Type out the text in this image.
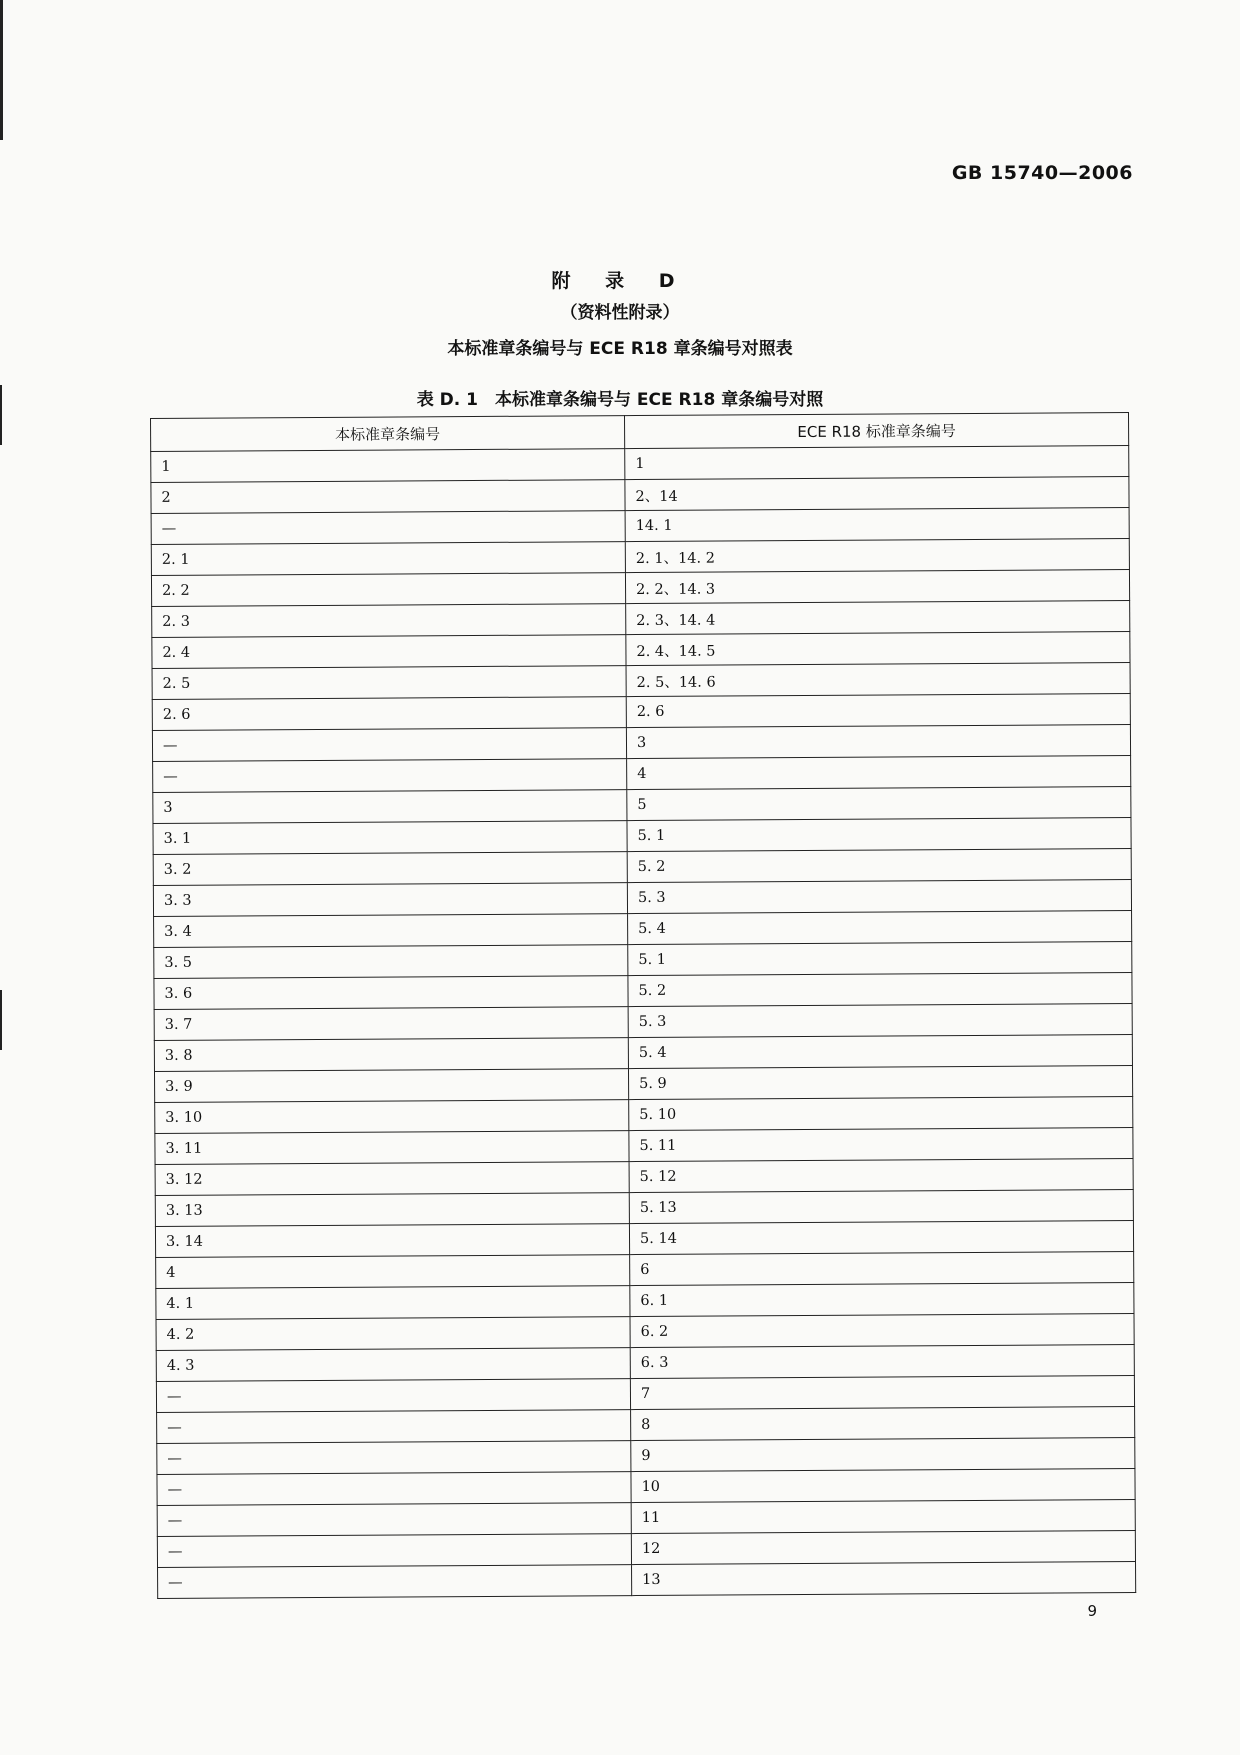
GB 15740—2006
附 录 D
（资料性附录）
本标准章条编号与 ECE R18 章条编号对照表
表 D. 1　本标准章条编号与 ECE R18 章条编号对照
本标准章条编号	ECE R18 标准章条编号
1	1
2	2、14
—	14. 1
2. 1	2. 1、14. 2
2. 2	2. 2、14. 3
2. 3	2. 3、14. 4
2. 4	2. 4、14. 5
2. 5	2. 5、14. 6
2. 6	2. 6
—	3
—	4
3	5
3. 1	5. 1
3. 2	5. 2
3. 3	5. 3
3. 4	5. 4
3. 5	5. 1
3. 6	5. 2
3. 7	5. 3
3. 8	5. 4
3. 9	5. 9
3. 10	5. 10
3. 11	5. 11
3. 12	5. 12
3. 13	5. 13
3. 14	5. 14
4	6
4. 1	6. 1
4. 2	6. 2
4. 3	6. 3
—	7
—	8
—	9
—	10
—	11
—	12
—	13
9
